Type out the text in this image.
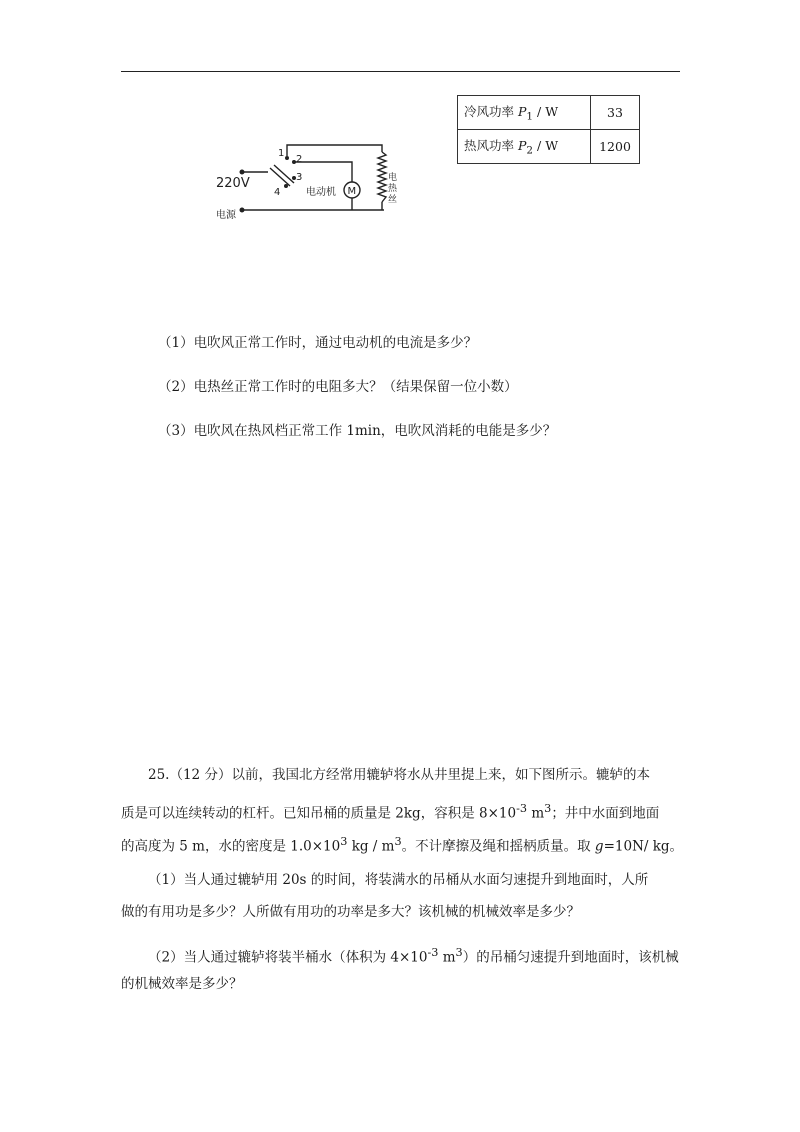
冷风功率 $P_1$ / W	33
热风功率 $P_2$ / W	1200
220V
电源
1
2
3
4	M
电动机
电
热
丝
（1）电吹风正常工作时，通过电动机的电流是多少？
（2）电热丝正常工作时的电阻多大？（结果保留一位小数）
（3）电吹风在热风档正常工作 1min，电吹风消耗的电能是多少？
25.（12 分）以前，我国北方经常用辘轳将水从井里提上来，如下图所示。辘轳的本
质是可以连续转动的杠杆。已知吊桶的质量是 2kg，容积是 $8\times 10^{-3}$ $m^3$；井中水面到地面
的高度为 5 m，水的密度是 $1.0\times 10^3$ kg / $m^3$。不计摩擦及绳和摇柄质量。取 g=10N/ kg。
（1）当人通过辘轳用 20s 的时间，将装满水的吊桶从水面匀速提升到地面时，人所
做的有用功是多少？人所做有用功的功率是多大？该机械的机械效率是多少？
（2）当人通过辘轳将装半桶水（体积为 $4\times 10^{-3}$ $m^3$）的吊桶匀速提升到地面时，该机械
的机械效率是多少？
